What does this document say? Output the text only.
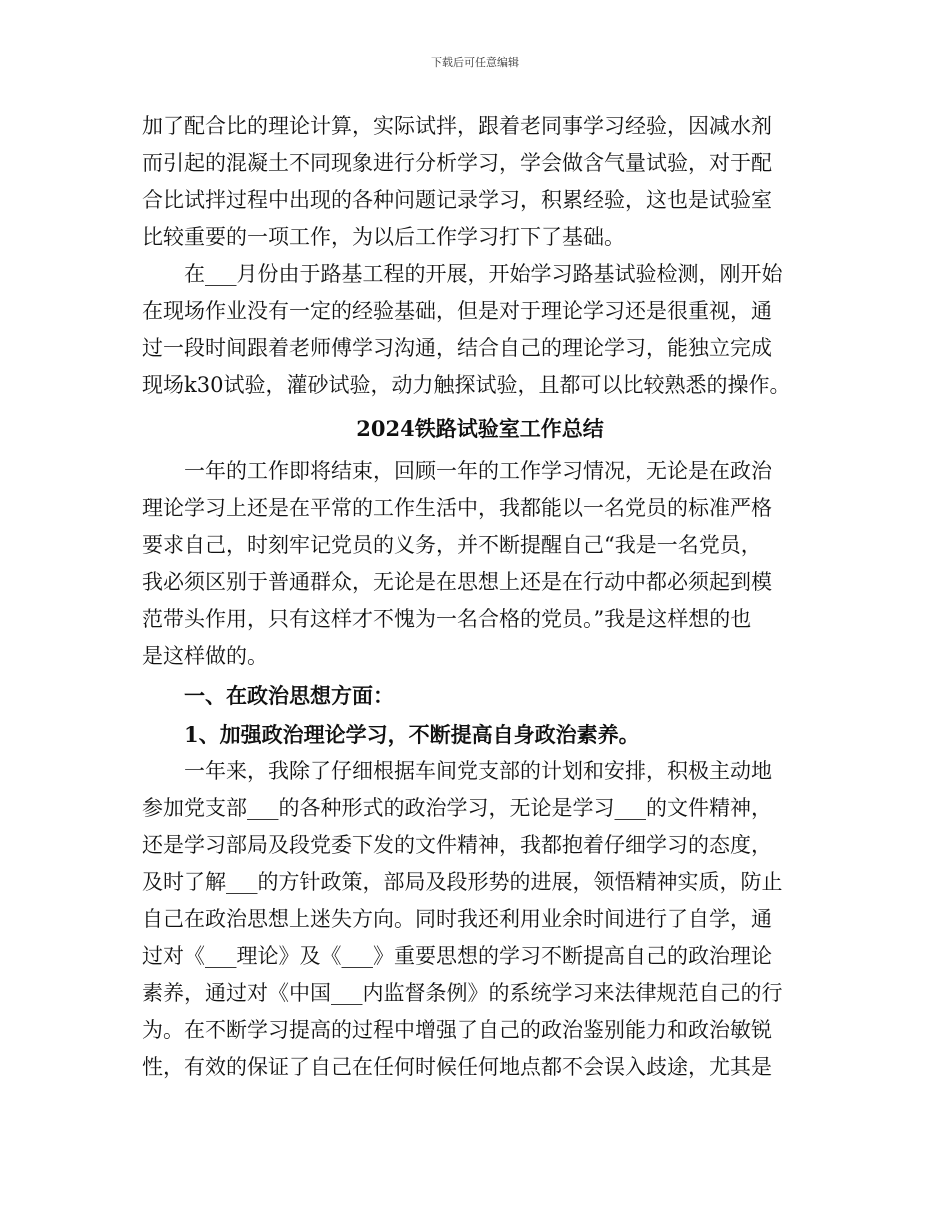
下载后可任意编辑

加了配合比的理论计算，实际试拌，跟着老同事学习经验，因减水剂

而引起的混凝土不同现象进行分析学习，学会做含气量试验，对于配

合比试拌过程中出现的各种问题记录学习，积累经验，这也是试验室

比较重要的一项工作，为以后工作学习打下了基础。

在___月份由于路基工程的开展，开始学习路基试验检测，刚开始

在现场作业没有一定的经验基础，但是对于理论学习还是很重视，通

过一段时间跟着老师傅学习沟通，结合自己的理论学习，能独立完成

现场k30试验，灌砂试验，动力触探试验，且都可以比较熟悉的操作。

2024铁路试验室工作总结

一年的工作即将结束，回顾一年的工作学习情况，无论是在政治

理论学习上还是在平常的工作生活中，我都能以一名党员的标准严格

要求自己，时刻牢记党员的义务，并不断提醒自己“我是一名党员，

我必须区别于普通群众，无论是在思想上还是在行动中都必须起到模

范带头作用，只有这样才不愧为一名合格的党员。”我是这样想的也

是这样做的。

一、在政治思想方面：

1、加强政治理论学习，不断提高自身政治素养。

一年来，我除了仔细根据车间党支部的计划和安排，积极主动地

参加党支部___的各种形式的政治学习，无论是学习___的文件精神，

还是学习部局及段党委下发的文件精神，我都抱着仔细学习的态度，

及时了解___的方针政策，部局及段形势的进展，领悟精神实质，防止

自己在政治思想上迷失方向。同时我还利用业余时间进行了自学，通

过对《___理论》及《___》重要思想的学习不断提高自己的政治理论

素养，通过对《中国___内监督条例》的系统学习来法律规范自己的行

为。在不断学习提高的过程中增强了自己的政治鉴别能力和政治敏锐

性，有效的保证了自己在任何时候任何地点都不会误入歧途，尤其是
